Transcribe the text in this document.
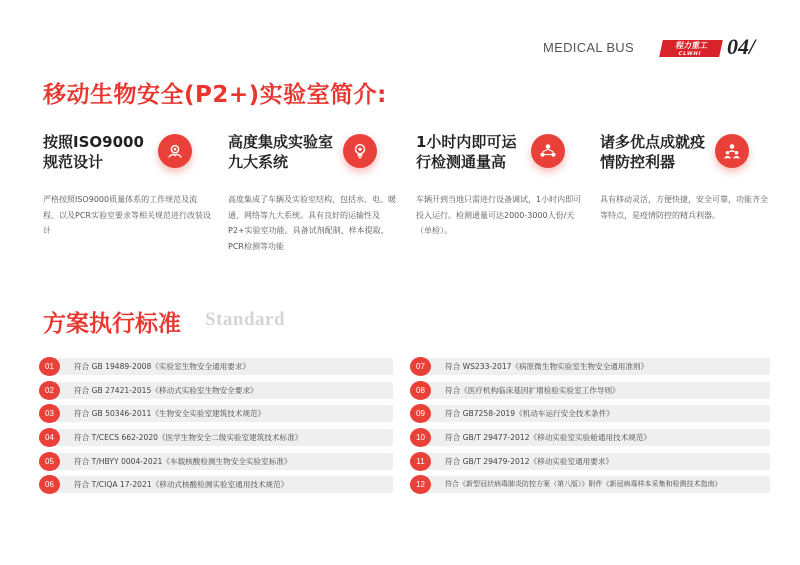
MEDICAL BUS	程力重工
CLWHI	04/
移动生物安全(P2+)实验室简介:
按照ISO9000规范设计
严格按照ISO9000质量体系的工作规范及流程、以及PCR实验室要求等相关规范进行改装设计
高度集成实验室九大系统
高度集成了车辆及实验室结构，包括水、电、暖通、网络等九大系统。具有良好的运输性及P2+实验室功能。具备试剂配制、样本提取、PCR检测等功能
1小时内即可运行检测通量高
车辆开到当地只需进行设备调试，1小时内即可投入运行。检测通量可达2000-3000人份/天（单检）。
诸多优点成就疫情防控利器
具有移动灵活，方便快捷，安全可靠，功能齐全等特点，是疫情防控的精兵利器。
方案执行标准 Standard
01	符合 GB 19489-2008《实验室生物安全通用要求》
02	符合 GB 27421-2015《移动式实验室生物安全要求》
03	符合 GB 50346-2011《生物安全实验室建筑技术规范》
04	符合 T/CECS 662-2020《医学生物安全二级实验室建筑技术标准》
05	符合 T/HBYY 0004-2021《车载核酸检测生物安全实验室标准》
06	符合 T/CIQA 17-2021《移动式核酸检测实验室通用技术规范》
07	符合 WS233-2017《病原微生物实验室生物安全通用准则》
08	符合《医疗机构临床基因扩增检验实验室工作导则》
09	符合 GB7258-2019《机动车运行安全技术条件》
10	符合 GB/T 29477-2012《移动实验室实验舱通用技术规范》
11	符合 GB/T 29479-2012《移动实验室通用要求》
12	符合《新型冠状病毒肺炎防控方案（第八版）》附件《新冠病毒样本采集和检测技术指南》
